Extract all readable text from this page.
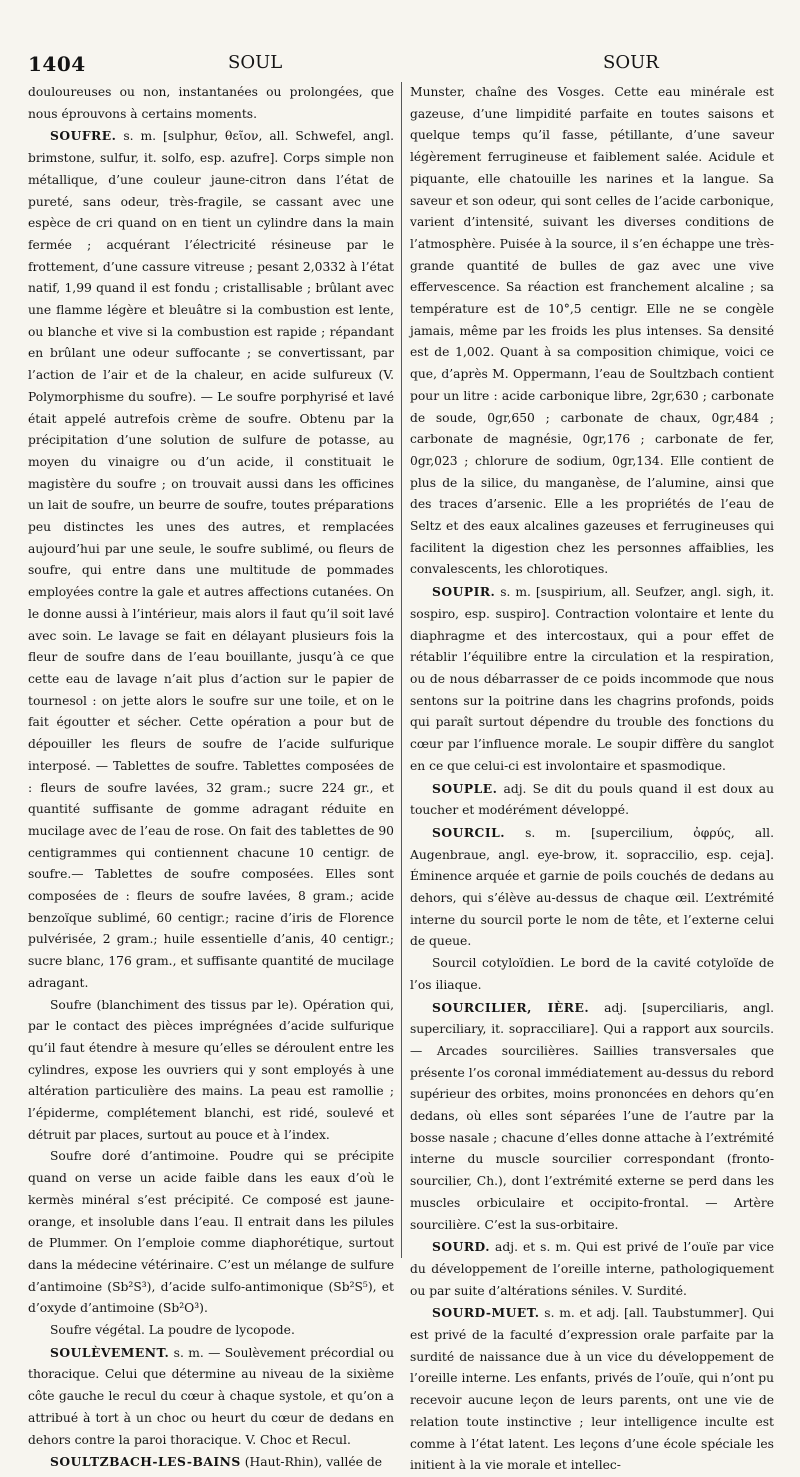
1404	SOUL	SOUR

douloureuses ou non, instantanées ou prolongées, que nous éprouvons à certains moments.

SOUFRE. s. m. [sulphur, θεῖον, all. Schwefel, angl. brimstone, sulfur, it. solfo, esp. azufre]. Corps simple non métallique, d’une couleur jaune-citron dans l’état de pureté, sans odeur, très-fragile, se cassant avec une espèce de cri quand on en tient un cylindre dans la main fermée ; acquérant l’électricité résineuse par le frottement, d’une cassure vitreuse ; pesant 2,0332 à l’état natif, 1,99 quand il est fondu ; cristallisable ; brûlant avec une flamme légère et bleuâtre si la combustion est lente, ou blanche et vive si la combustion est rapide ; répandant en brûlant une odeur suffocante ; se convertissant, par l’action de l’air et de la chaleur, en acide sulfureux (V. Polymorphisme du soufre). — Le soufre porphyrisé et lavé était appelé autrefois crème de soufre. Obtenu par la précipitation d’une solution de sulfure de potasse, au moyen du vinaigre ou d’un acide, il constituait le magistère du soufre ; on trouvait aussi dans les officines un lait de soufre, un beurre de soufre, toutes préparations peu distinctes les unes des autres, et remplacées aujourd’hui par une seule, le soufre sublimé, ou fleurs de soufre, qui entre dans une multitude de pommades employées contre la gale et autres affections cutanées. On le donne aussi à l’intérieur, mais alors il faut qu’il soit lavé avec soin. Le lavage se fait en délayant plusieurs fois la fleur de soufre dans de l’eau bouillante, jusqu’à ce que cette eau de lavage n’ait plus d’action sur le papier de tournesol : on jette alors le soufre sur une toile, et on le fait égoutter et sécher. Cette opération a pour but de dépouiller les fleurs de soufre de l’acide sulfurique interposé. — Tablettes de soufre. Tablettes composées de : fleurs de soufre lavées, 32 gram.; sucre 224 gr., et quantité suffisante de gomme adragant réduite en mucilage avec de l’eau de rose. On fait des tablettes de 90 centigrammes qui contiennent chacune 10 centigr. de soufre.— Tablettes de soufre composées. Elles sont composées de : fleurs de soufre lavées, 8 gram.; acide benzoïque sublimé, 60 centigr.; racine d’iris de Florence pulvérisée, 2 gram.; huile essentielle d’anis, 40 centigr.; sucre blanc, 176 gram., et suffisante quantité de mucilage adragant.

Soufre (blanchiment des tissus par le). Opération qui, par le contact des pièces imprégnées d’acide sulfurique qu’il faut étendre à mesure qu’elles se déroulent entre les cylindres, expose les ouvriers qui y sont employés à une altération particulière des mains. La peau est ramollie ; l’épiderme, complétement blanchi, est ridé, soulevé et détruit par places, surtout au pouce et à l’index.

Soufre doré d’antimoine. Poudre qui se précipite quand on verse un acide faible dans les eaux d’où le kermès minéral s’est précipité. Ce composé est jaune-orange, et insoluble dans l’eau. Il entrait dans les pilules de Plummer. On l’emploie comme diaphorétique, surtout dans la médecine vétérinaire. C’est un mélange de sulfure d’antimoine (Sb²S³), d’acide sulfo-antimonique (Sb²S⁵), et d’oxyde d’antimoine (Sb²O³).

Soufre végétal. La poudre de lycopode.

SOULÈVEMENT. s. m. — Soulèvement précordial ou thoracique. Celui que détermine au niveau de la sixième côte gauche le recul du cœur à chaque systole, et qu’on a attribué à tort à un choc ou heurt du cœur de dedans en dehors contre la paroi thoracique. V. Choc et Recul.

SOULTZBACH-LES-BAINS (Haut-Rhin), vallée de

Munster, chaîne des Vosges. Cette eau minérale est gazeuse, d’une limpidité parfaite en toutes saisons et quelque temps qu’il fasse, pétillante, d’une saveur légèrement ferrugineuse et faiblement salée. Acidule et piquante, elle chatouille les narines et la langue. Sa saveur et son odeur, qui sont celles de l’acide carbonique, varient d’intensité, suivant les diverses conditions de l’atmosphère. Puisée à la source, il s’en échappe une très-grande quantité de bulles de gaz avec une vive effervescence. Sa réaction est franchement alcaline ; sa température est de 10°,5 centigr. Elle ne se congèle jamais, même par les froids les plus intenses. Sa densité est de 1,002. Quant à sa composition chimique, voici ce que, d’après M. Oppermann, l’eau de Soultzbach contient pour un litre : acide carbonique libre, 2gr,630 ; carbonate de soude, 0gr,650 ; carbonate de chaux, 0gr,484 ; carbonate de magnésie, 0gr,176 ; carbonate de fer, 0gr,023 ; chlorure de sodium, 0gr,134. Elle contient de plus de la silice, du manganèse, de l’alumine, ainsi que des traces d’arsenic. Elle a les propriétés de l’eau de Seltz et des eaux alcalines gazeuses et ferrugineuses qui facilitent la digestion chez les personnes affaiblies, les convalescents, les chlorotiques.

SOUPIR. s. m. [suspirium, all. Seufzer, angl. sigh, it. sospiro, esp. suspiro]. Contraction volontaire et lente du diaphragme et des intercostaux, qui a pour effet de rétablir l’équilibre entre la circulation et la respiration, ou de nous débarrasser de ce poids incommode que nous sentons sur la poitrine dans les chagrins profonds, poids qui paraît surtout dépendre du trouble des fonctions du cœur par l’influence morale. Le soupir diffère du sanglot en ce que celui-ci est involontaire et spasmodique.

SOUPLE. adj. Se dit du pouls quand il est doux au toucher et modérément développé.

SOURCIL. s. m. [supercilium, ὀφρύς, all. Augenbraue, angl. eye-brow, it. sopraccilio, esp. ceja]. Éminence arquée et garnie de poils couchés de dedans au dehors, qui s’élève au-dessus de chaque œil. L’extrémité interne du sourcil porte le nom de tête, et l’externe celui de queue.

Sourcil cotyloïdien. Le bord de la cavité cotyloïde de l’os iliaque.

SOURCILIER, IÈRE. adj. [superciliaris, angl. superciliary, it. sopracciliare]. Qui a rapport aux sourcils. — Arcades sourcilières. Saillies transversales que présente l’os coronal immédiatement au-dessus du rebord supérieur des orbites, moins prononcées en dehors qu’en dedans, où elles sont séparées l’une de l’autre par la bosse nasale ; chacune d’elles donne attache à l’extrémité interne du muscle sourcilier correspondant (fronto-sourcilier, Ch.), dont l’extrémité externe se perd dans les muscles orbiculaire et occipito-frontal. — Artère sourcilière. C’est la sus-orbitaire.

SOURD. adj. et s. m. Qui est privé de l’ouïe par vice du développement de l’oreille interne, pathologiquement ou par suite d’altérations séniles. V. Surdité.

SOURD-MUET. s. m. et adj. [all. Taubstummer]. Qui est privé de la faculté d’expression orale parfaite par la surdité de naissance due à un vice du développement de l’oreille interne. Les enfants, privés de l’ouïe, qui n’ont pu recevoir aucune leçon de leurs parents, ont une vie de relation toute instinctive ; leur intelligence inculte est comme à l’état latent. Les leçons d’une école spéciale les initient à la vie morale et intellec-
